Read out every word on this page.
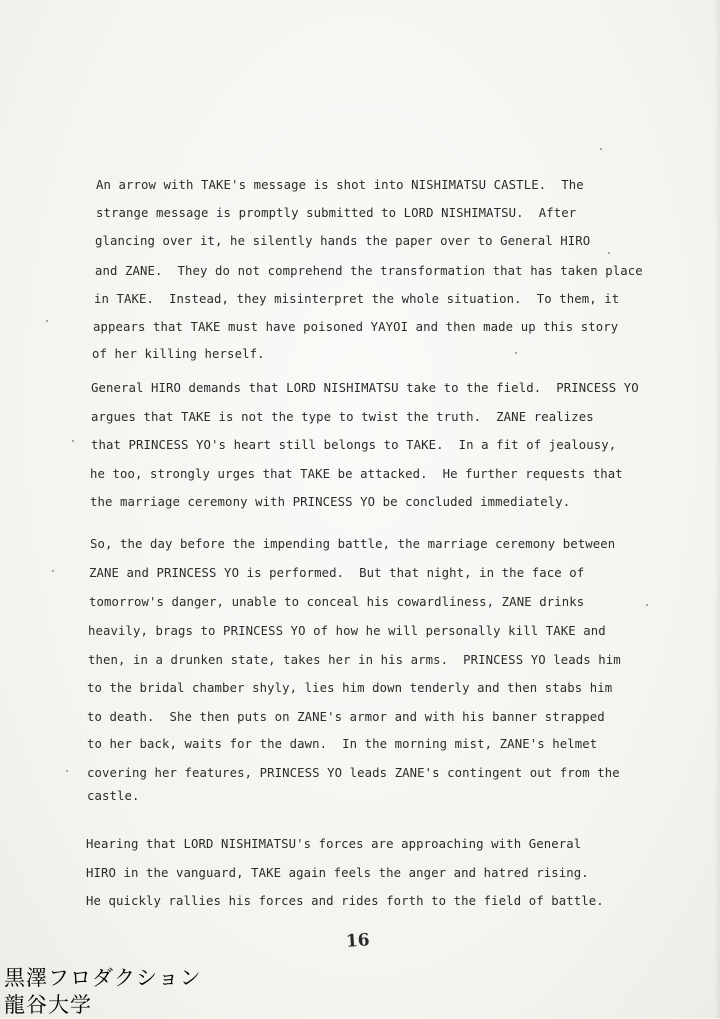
An arrow with TAKE's message is shot into NISHIMATSU CASTLE.  The
strange message is promptly submitted to LORD NISHIMATSU.  After
glancing over it, he silently hands the paper over to General HIRO
and ZANE.  They do not comprehend the transformation that has taken place
in TAKE.  Instead, they misinterpret the whole situation.  To them, it
appears that TAKE must have poisoned YAYOI and then made up this story
of her killing herself.
General HIRO demands that LORD NISHIMATSU take to the field.  PRINCESS YO
argues that TAKE is not the type to twist the truth.  ZANE realizes
that PRINCESS YO's heart still belongs to TAKE.  In a fit of jealousy,
he too, strongly urges that TAKE be attacked.  He further requests that
the marriage ceremony with PRINCESS YO be concluded immediately.
So, the day before the impending battle, the marriage ceremony between
ZANE and PRINCESS YO is performed.  But that night, in the face of
tomorrow's danger, unable to conceal his cowardliness, ZANE drinks
heavily, brags to PRINCESS YO of how he will personally kill TAKE and
then, in a drunken state, takes her in his arms.  PRINCESS YO leads him
to the bridal chamber shyly, lies him down tenderly and then stabs him
to death.  She then puts on ZANE's armor and with his banner strapped
to her back, waits for the dawn.  In the morning mist, ZANE's helmet
covering her features, PRINCESS YO leads ZANE's contingent out from the
castle.
Hearing that LORD NISHIMATSU's forces are approaching with General
HIRO in the vanguard, TAKE again feels the anger and hatred rising.
He quickly rallies his forces and rides forth to the field of battle.
16
黒澤フロダクション
龍谷大学
